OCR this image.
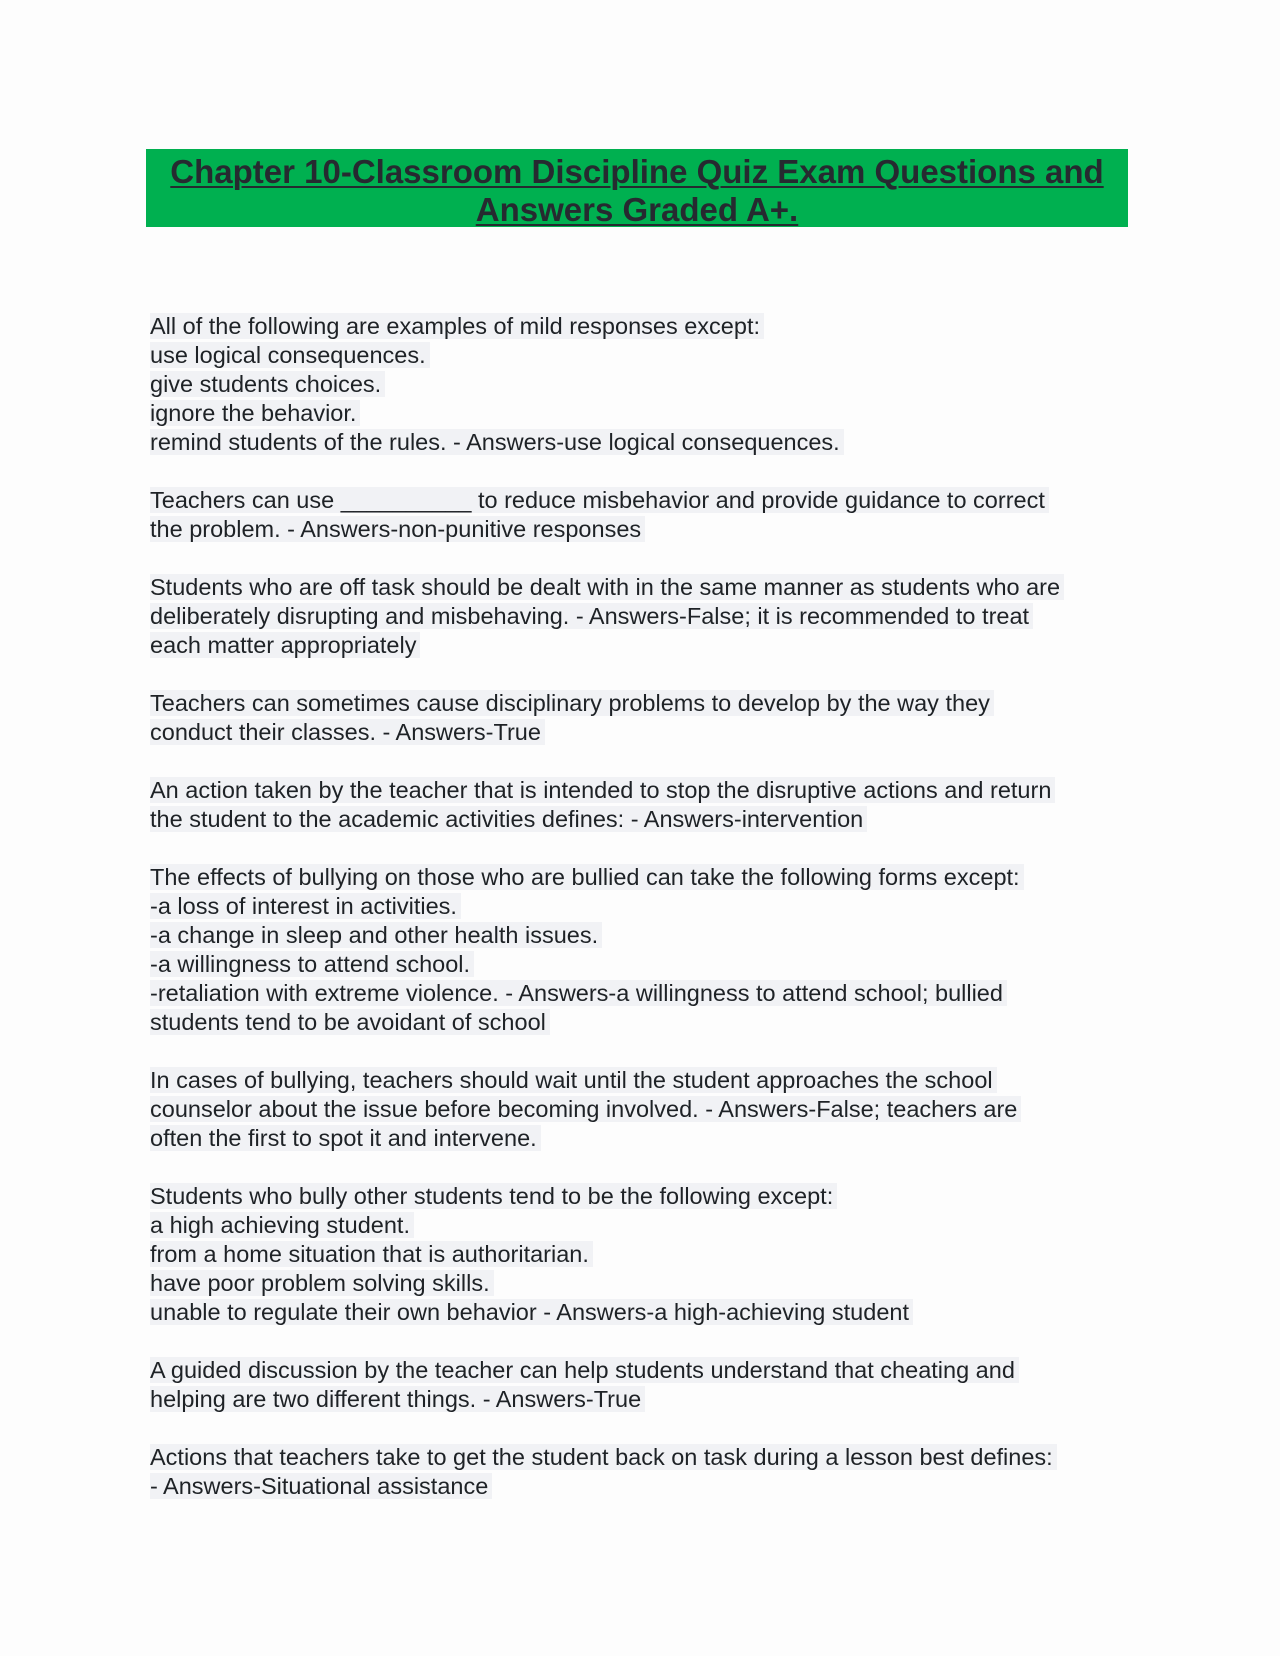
Chapter 10-Classroom Discipline Quiz Exam Questions and
Answers Graded A+.
All of the following are examples of mild responses except:
use logical consequences.
give students choices.
ignore the behavior.
remind students of the rules. - Answers-use logical consequences.
Teachers can use __________ to reduce misbehavior and provide guidance to correct
the problem. - Answers-non-punitive responses
Students who are off task should be dealt with in the same manner as students who are
deliberately disrupting and misbehaving. - Answers-False; it is recommended to treat
each matter appropriately
Teachers can sometimes cause disciplinary problems to develop by the way they
conduct their classes. - Answers-True
An action taken by the teacher that is intended to stop the disruptive actions and return
the student to the academic activities defines: - Answers-intervention
The effects of bullying on those who are bullied can take the following forms except:
-a loss of interest in activities.
-a change in sleep and other health issues.
-a willingness to attend school.
-retaliation with extreme violence. - Answers-a willingness to attend school; bullied
students tend to be avoidant of school
In cases of bullying, teachers should wait until the student approaches the school
counselor about the issue before becoming involved. - Answers-False; teachers are
often the first to spot it and intervene.
Students who bully other students tend to be the following except:
a high achieving student.
from a home situation that is authoritarian.
have poor problem solving skills.
unable to regulate their own behavior - Answers-a high-achieving student
A guided discussion by the teacher can help students understand that cheating and
helping are two different things. - Answers-True
Actions that teachers take to get the student back on task during a lesson best defines:
- Answers-Situational assistance
